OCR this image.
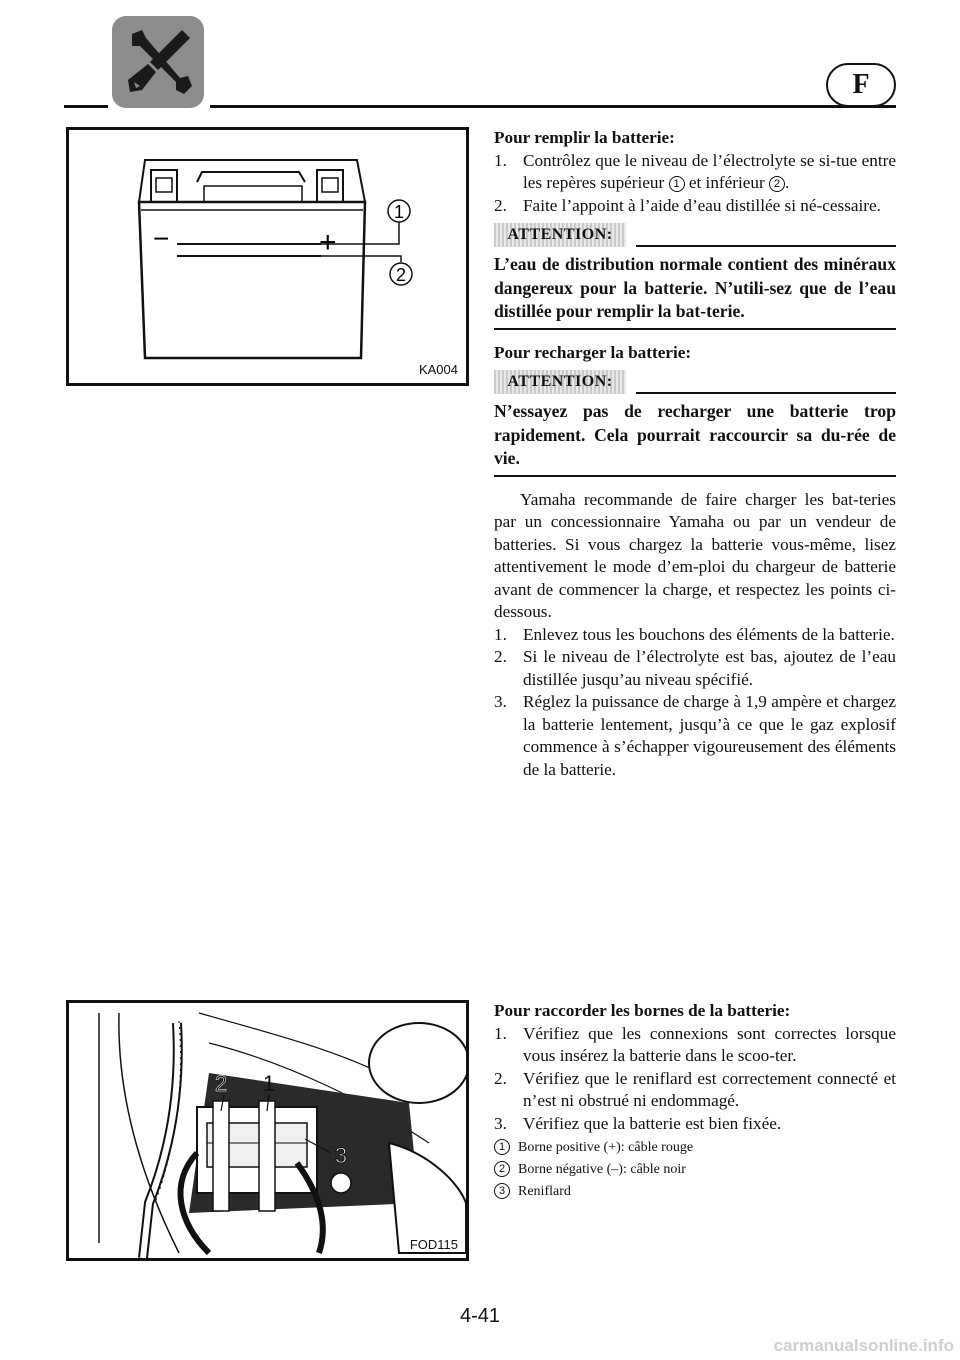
F
−	+
1
2
KA004
2 1
3
FOD115
Pour remplir la batterie:
1. Contrôlez que le niveau de l’électrolyte se si-tue entre les repères supérieur 1 et inférieur 2 .
2. Faite l’appoint à l’aide d’eau distillée si né-cessaire.
ATTENTION:
L’eau de distribution normale contient des minéraux dangereux pour la batterie. N’utili-sez que de l’eau distillée pour remplir la bat-terie.
Pour recharger la batterie:
ATTENTION:
N’essayez pas de recharger une batterie trop rapidement. Cela pourrait raccourcir sa du-rée de vie.
Yamaha recommande de faire charger les bat-teries par un concessionnaire Yamaha ou par un vendeur de batteries. Si vous chargez la batterie vous-même, lisez attentivement le mode d’em-ploi du chargeur de batterie avant de commencer la charge, et respectez les points ci-dessous.
1. Enlevez tous les bouchons des éléments de la batterie.
2. Si le niveau de l’électrolyte est bas, ajoutez de l’eau distillée jusqu’au niveau spécifié.
3. Réglez la puissance de charge à 1,9 ampère et chargez la batterie lentement, jusqu’à ce que le gaz explosif commence à s’échapper vigoureusement des éléments de la batterie.
Pour raccorder les bornes de la batterie:
1. Vérifiez que les connexions sont correctes lorsque vous insérez la batterie dans le scoo-ter.
2. Vérifiez que le reniflard est correctement connecté et n’est ni obstrué ni endommagé.
3. Vérifiez que la batterie est bien fixée.
1 Borne positive (+): câble rouge
2 Borne négative (–): câble noir
3 Reniflard
4-41
carmanualsonline.info
